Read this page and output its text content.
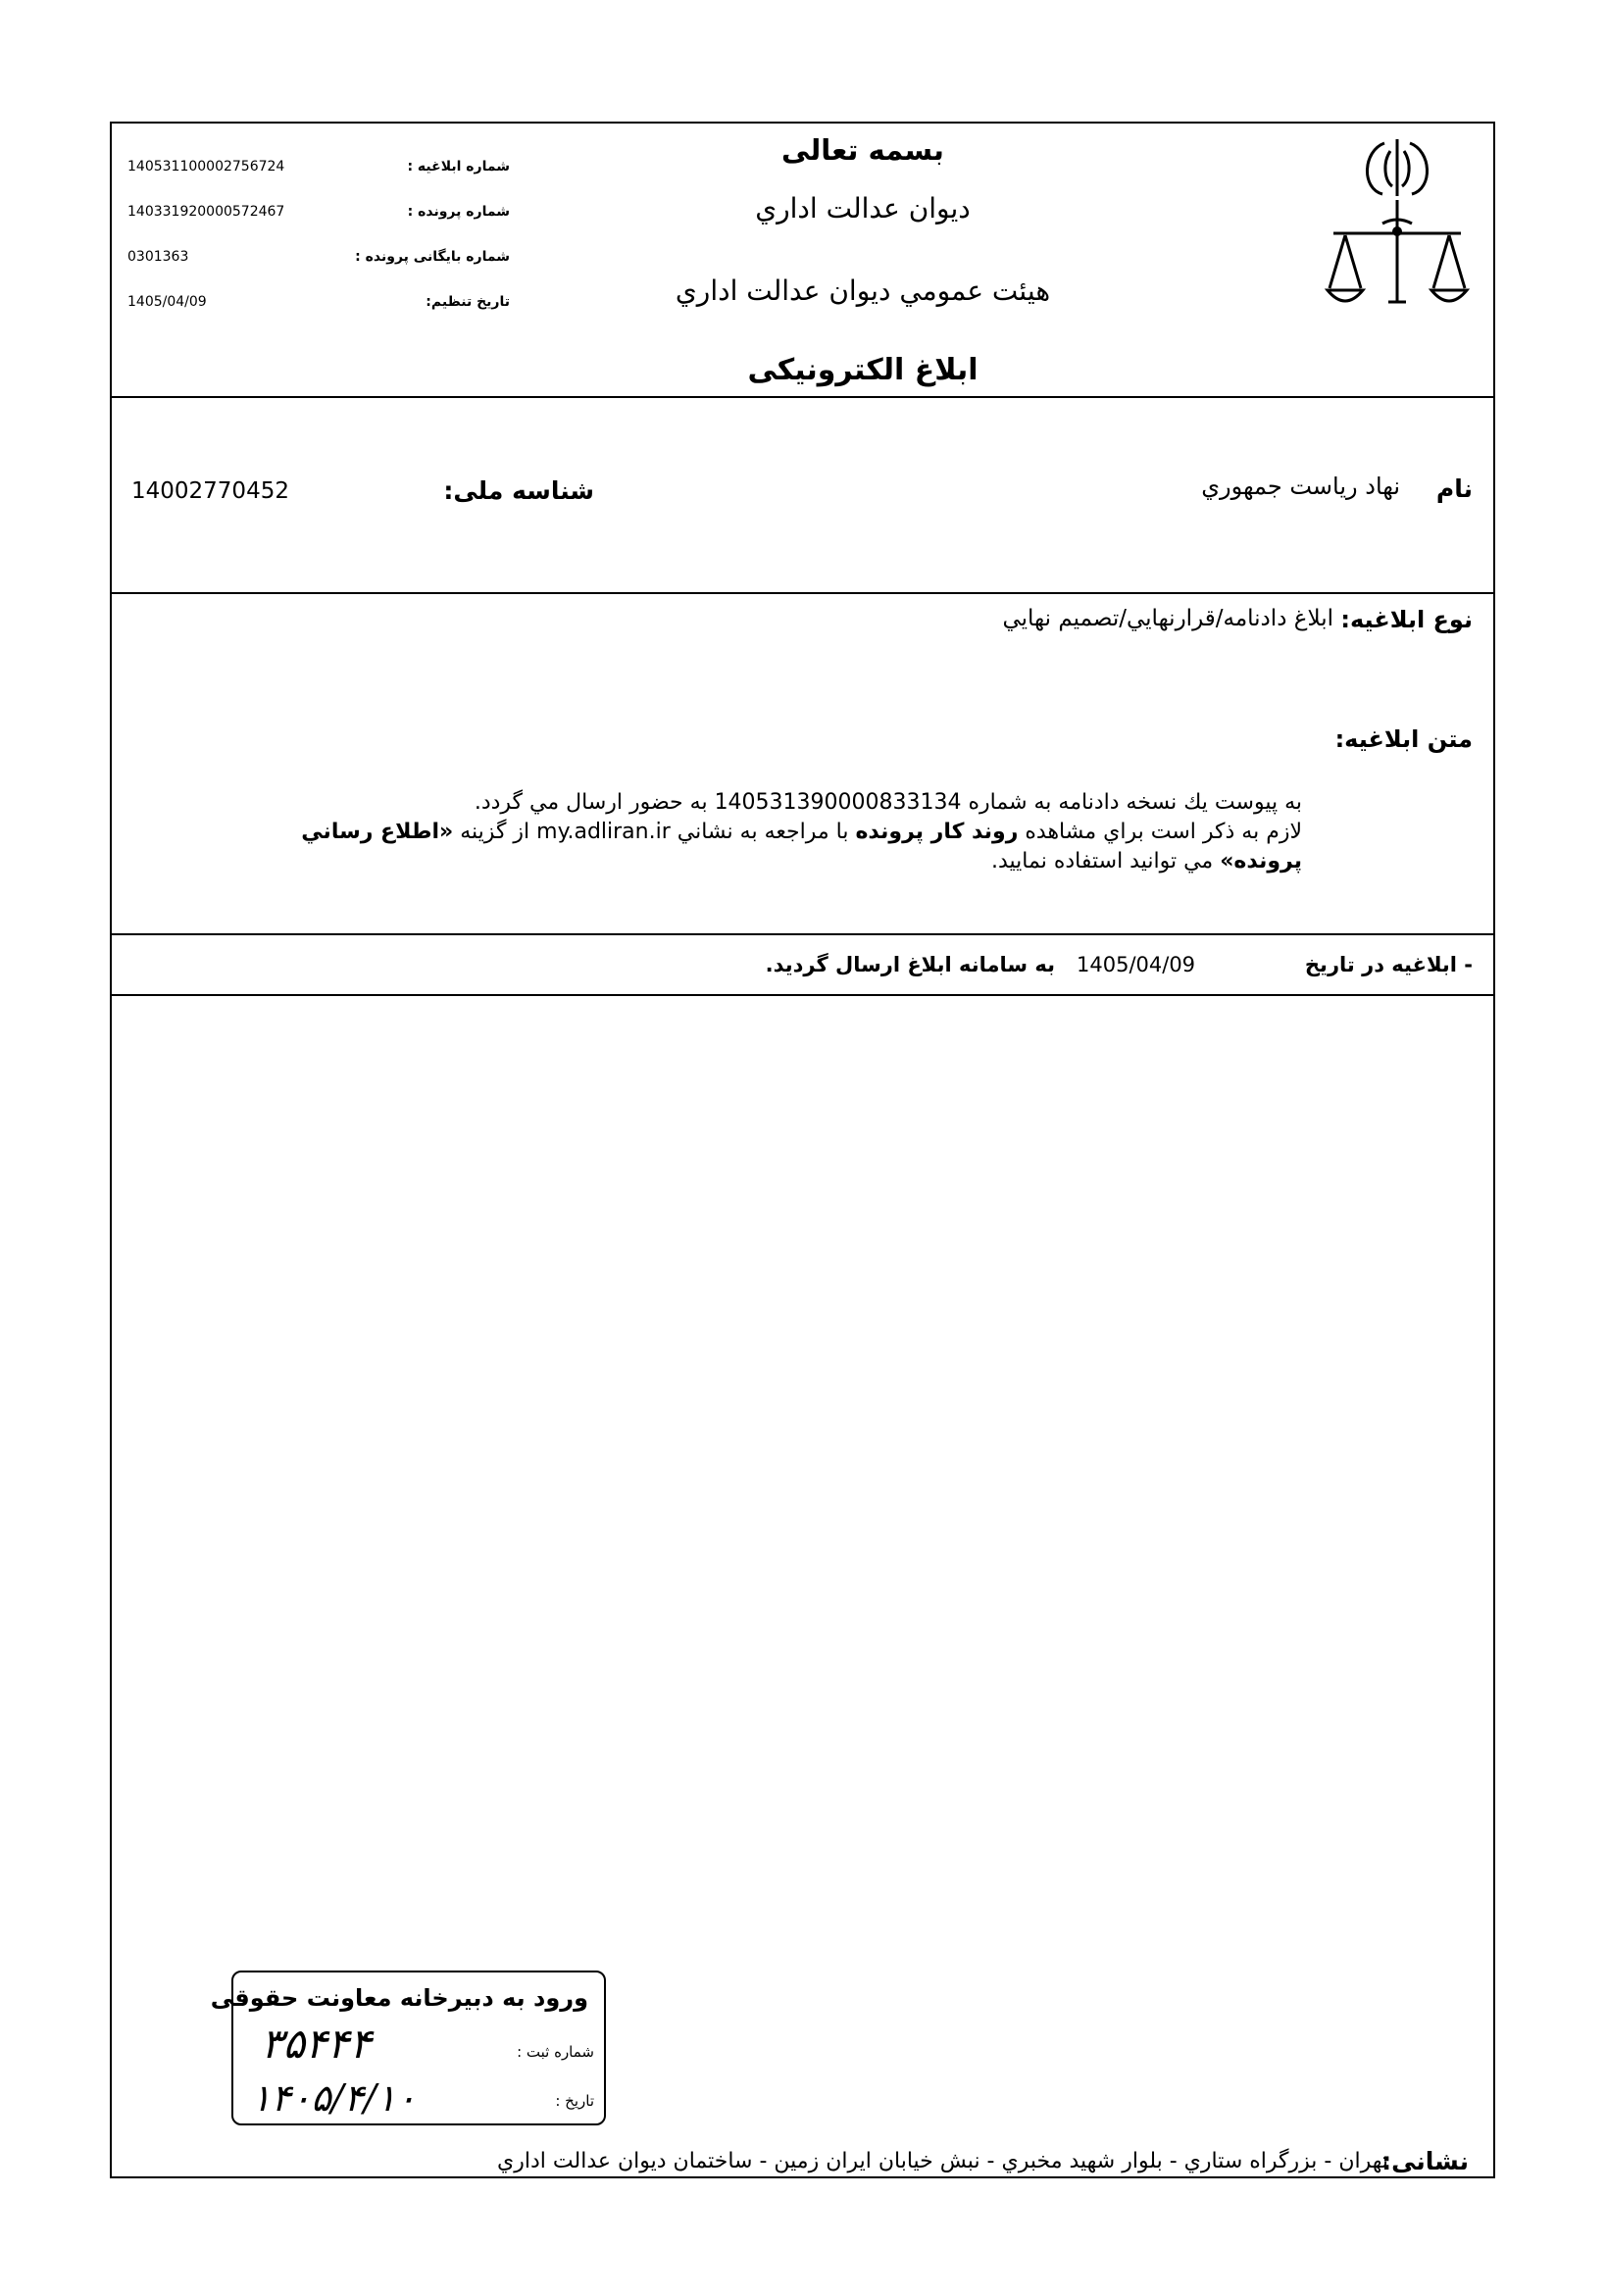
بسمه تعالی
ديوان عدالت اداري
هيئت عمومي ديوان عدالت اداري
ابلاغ الكترونيكی
140531100002756724	شماره ابلاغیه :
140331920000572467	شماره پرونده :
0301363	شماره بایگانی پرونده :
1405/04/09	تاریخ تنظیم:
نام
نهاد رياست جمهوري
شناسه ملی:
14002770452
نوع ابلاغیه:
ابلاغ دادنامه/قرارنهايي/تصميم نهايي
متن ابلاغیه:
به پيوست يك نسخه دادنامه به شماره 140531390000833134 به حضور ارسال مي گردد.
لازم به ذكر است براي مشاهده روند كار پرونده با مراجعه به نشاني my.adliran.ir از گزينه «اطلاع رساني
پرونده» مي توانيد استفاده نماييد.
- ابلاغیه در تاریخ
1405/04/09
به سامانه ابلاغ ارسال گرديد.
ورود به دبیرخانه معاونت حقوقی
شماره ثبت :
۳۵۴۴۴
تاریخ :
۱۴۰۵/۴/۱۰
نشانی:
تهران - بزرگراه ستاري - بلوار شهيد مخبري - نبش خيابان ايران زمين - ساختمان ديوان عدالت اداري
